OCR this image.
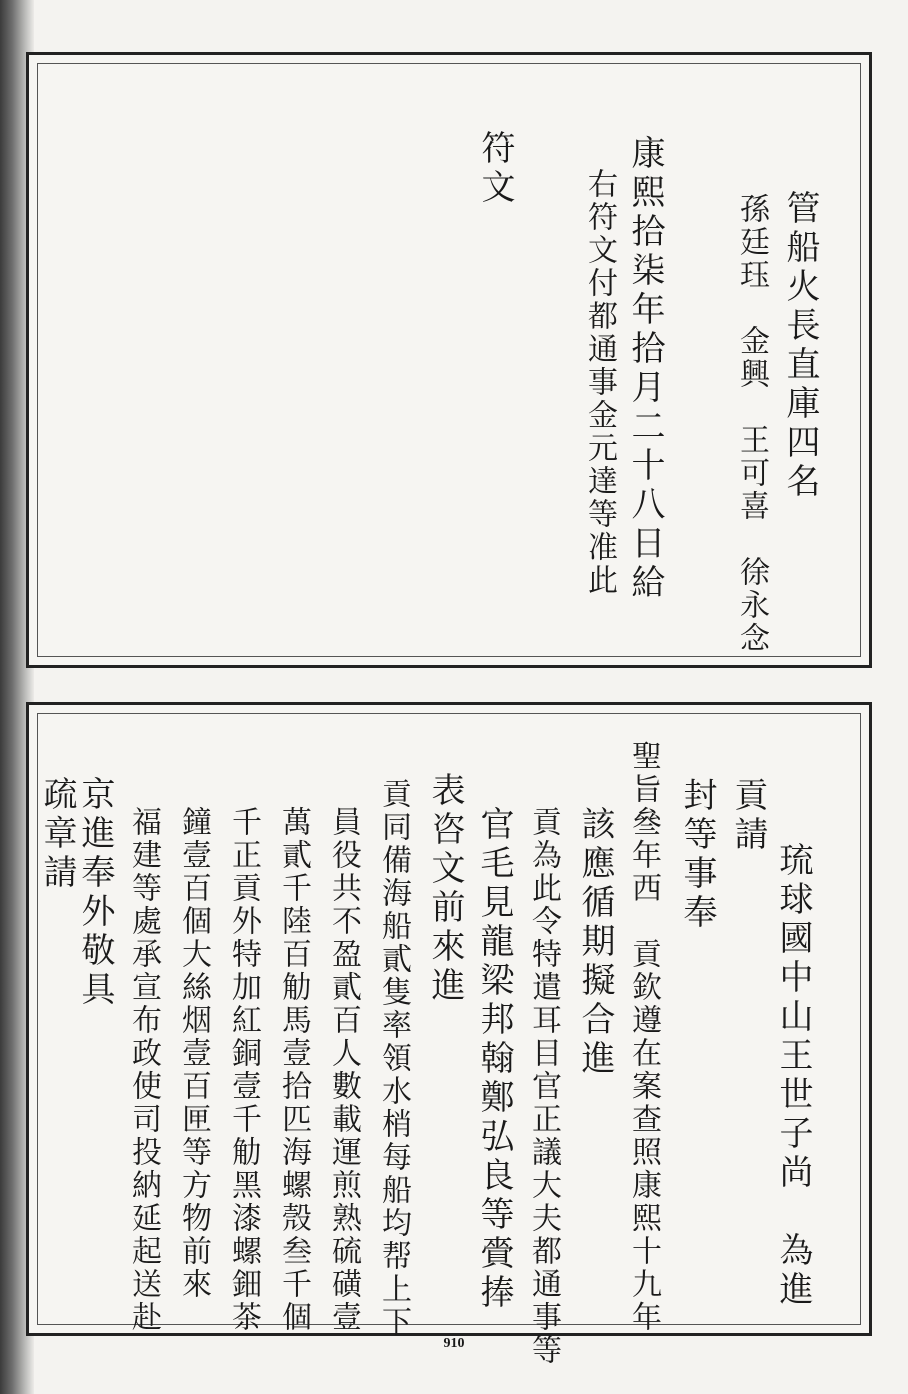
管船火長直庫四名
孫廷珏　金興　王可喜　徐永念
康熙拾柒年拾月二十八日給
右符文付都通事金元達等准此
符文
琉球國中山王世子尚　為進
貢請
封等事奉
聖旨叄年西　貢欽遵在案查照康熙十九年
該應循期擬合進
貢為此令特遣耳目官正議大夫都通事等
官毛見龍梁邦翰鄭弘良等賫捧
表咨文前來進
貢同備海船貳隻率領水梢每船均帮上下
員役共不盈貳百人數載運煎熟硫磺壹
萬貳千陸百觔馬壹拾匹海螺殼叁千個
千正貢外特加紅銅壹千觔黑漆螺鈿茶
鐘壹百個大絲烟壹百匣等方物前來
福建等處承宣布政使司投納延起送赴
京進奉外敬具
疏章請
910
